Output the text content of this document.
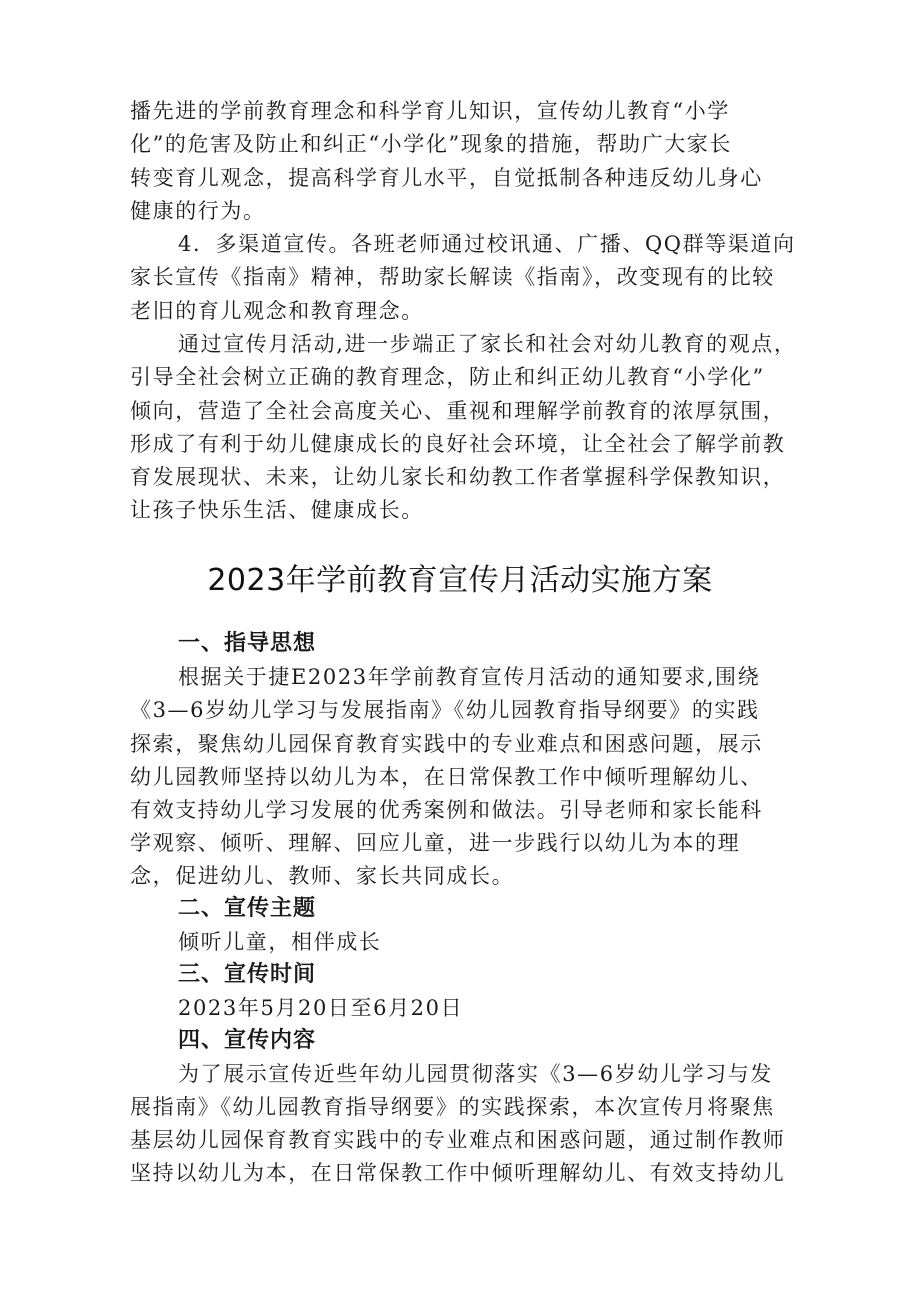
播先进的学前教育理念和科学育儿知识，宣传幼儿教育“小学
化”的危害及防止和纠正“小学化”现象的措施，帮助广大家长
转变育儿观念，提高科学育儿水平，自觉抵制各种违反幼儿身心
健康的行为。
4．多渠道宣传。各班老师通过校讯通、广播、QQ群等渠道向
家长宣传《指南》精神，帮助家长解读《指南》，改变现有的比较
老旧的育儿观念和教育理念。
通过宣传月活动,进一步端正了家长和社会对幼儿教育的观点，
引导全社会树立正确的教育理念，防止和纠正幼儿教育“小学化”
倾向，营造了全社会高度关心、重视和理解学前教育的浓厚氛围，
形成了有利于幼儿健康成长的良好社会环境，让全社会了解学前教
育发展现状、未来，让幼儿家长和幼教工作者掌握科学保教知识，
让孩子快乐生活、健康成长。
2023年学前教育宣传月活动实施方案
一、指导思想
根据关于捷E2023年学前教育宣传月活动的通知要求,围绕
《3—6岁幼儿学习与发展指南》《幼儿园教育指导纲要》的实践
探索，聚焦幼儿园保育教育实践中的专业难点和困惑问题，展示
幼儿园教师坚持以幼儿为本，在日常保教工作中倾听理解幼儿、
有效支持幼儿学习发展的优秀案例和做法。引导老师和家长能科
学观察、倾听、理解、回应儿童，进一步践行以幼儿为本的理
念，促进幼儿、教师、家长共同成长。
二、宣传主题
倾听儿童，相伴成长
三、宣传时间
2023年5月20日至6月20日
四、宣传内容
为了展示宣传近些年幼儿园贯彻落实《3—6岁幼儿学习与发
展指南》《幼儿园教育指导纲要》的实践探索，本次宣传月将聚焦
基层幼儿园保育教育实践中的专业难点和困惑问题，通过制作教师
坚持以幼儿为本，在日常保教工作中倾听理解幼儿、有效支持幼儿
